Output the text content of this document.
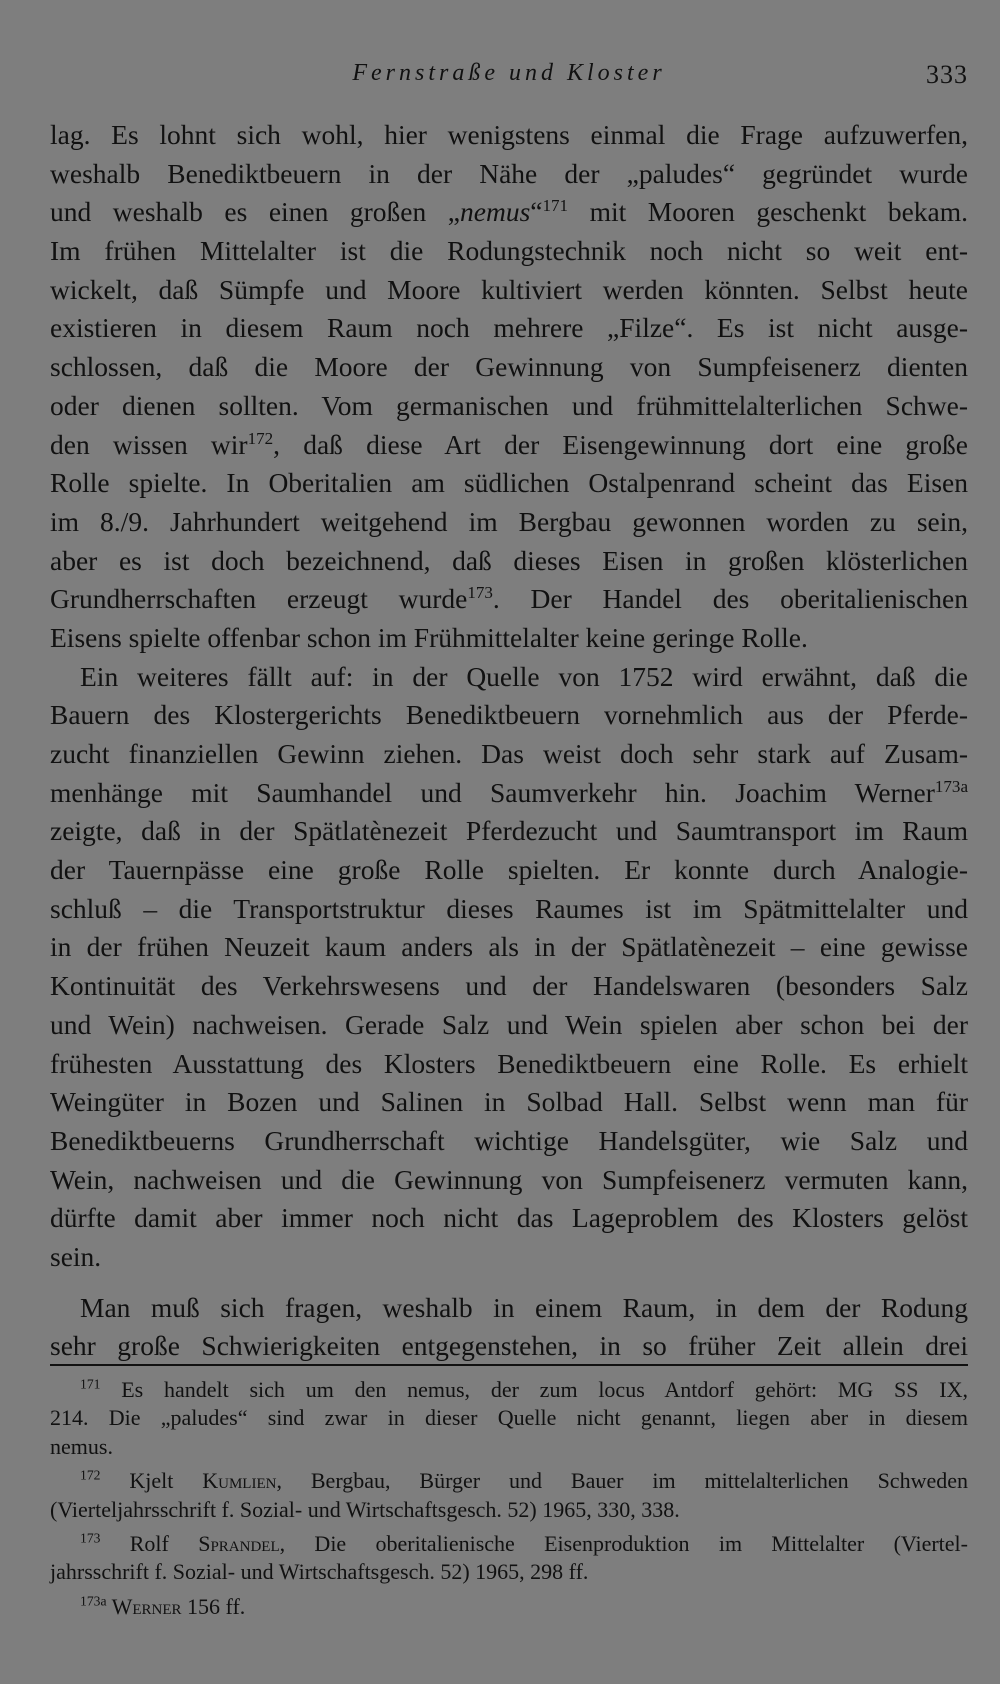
Fernstraße und Kloster	333
lag. Es lohnt sich wohl, hier wenigstens einmal die Frage aufzuwerfen,
weshalb Benediktbeuern in der Nähe der „paludes“ gegründet wurde
und weshalb es einen großen „nemus“$^{171}$ mit Mooren geschenkt bekam.
Im frühen Mittelalter ist die Rodungstechnik noch nicht so weit ent-
wickelt, daß Sümpfe und Moore kultiviert werden könnten. Selbst heute
existieren in diesem Raum noch mehrere „Filze“. Es ist nicht ausge-
schlossen, daß die Moore der Gewinnung von Sumpfeisenerz dienten
oder dienen sollten. Vom germanischen und frühmittelalterlichen Schwe-
den wissen wir$^{172}$, daß diese Art der Eisengewinnung dort eine große
Rolle spielte. In Oberitalien am südlichen Ostalpenrand scheint das Eisen
im 8./9. Jahrhundert weitgehend im Bergbau gewonnen worden zu sein,
aber es ist doch bezeichnend, daß dieses Eisen in großen klösterlichen
Grundherrschaften erzeugt wurde$^{173}$. Der Handel des oberitalienischen
Eisens spielte offenbar schon im Frühmittelalter keine geringe Rolle.
Ein weiteres fällt auf: in der Quelle von 1752 wird erwähnt, daß die
Bauern des Klostergerichts Benediktbeuern vornehmlich aus der Pferde-
zucht finanziellen Gewinn ziehen. Das weist doch sehr stark auf Zusam-
menhänge mit Saumhandel und Saumverkehr hin. Joachim Werner$^{173a}$
zeigte, daß in der Spätlatènezeit Pferdezucht und Saumtransport im Raum
der Tauernpässe eine große Rolle spielten. Er konnte durch Analogie-
schluß – die Transportstruktur dieses Raumes ist im Spätmittelalter und
in der frühen Neuzeit kaum anders als in der Spätlatènezeit – eine gewisse
Kontinuität des Verkehrswesens und der Handelswaren (besonders Salz
und Wein) nachweisen. Gerade Salz und Wein spielen aber schon bei der
frühesten Ausstattung des Klosters Benediktbeuern eine Rolle. Es erhielt
Weingüter in Bozen und Salinen in Solbad Hall. Selbst wenn man für
Benediktbeuerns Grundherrschaft wichtige Handelsgüter, wie Salz und
Wein, nachweisen und die Gewinnung von Sumpfeisenerz vermuten kann,
dürfte damit aber immer noch nicht das Lageproblem des Klosters gelöst
sein.
Man muß sich fragen, weshalb in einem Raum, in dem der Rodung
sehr große Schwierigkeiten entgegenstehen, in so früher Zeit allein drei
$^{171}$ Es handelt sich um den nemus, der zum locus Antdorf gehört: MG SS IX,
214. Die „paludes“ sind zwar in dieser Quelle nicht genannt, liegen aber in diesem
nemus.
$^{172}$ Kjelt Kumlien, Bergbau, Bürger und Bauer im mittelalterlichen Schweden
(Vierteljahrsschrift f. Sozial- und Wirtschaftsgesch. 52) 1965, 330, 338.
$^{173}$ Rolf Sprandel, Die oberitalienische Eisenproduktion im Mittelalter (Viertel-
jahrsschrift f. Sozial- und Wirtschaftsgesch. 52) 1965, 298 ff.
$^{173a}$ Werner 156 ff.
